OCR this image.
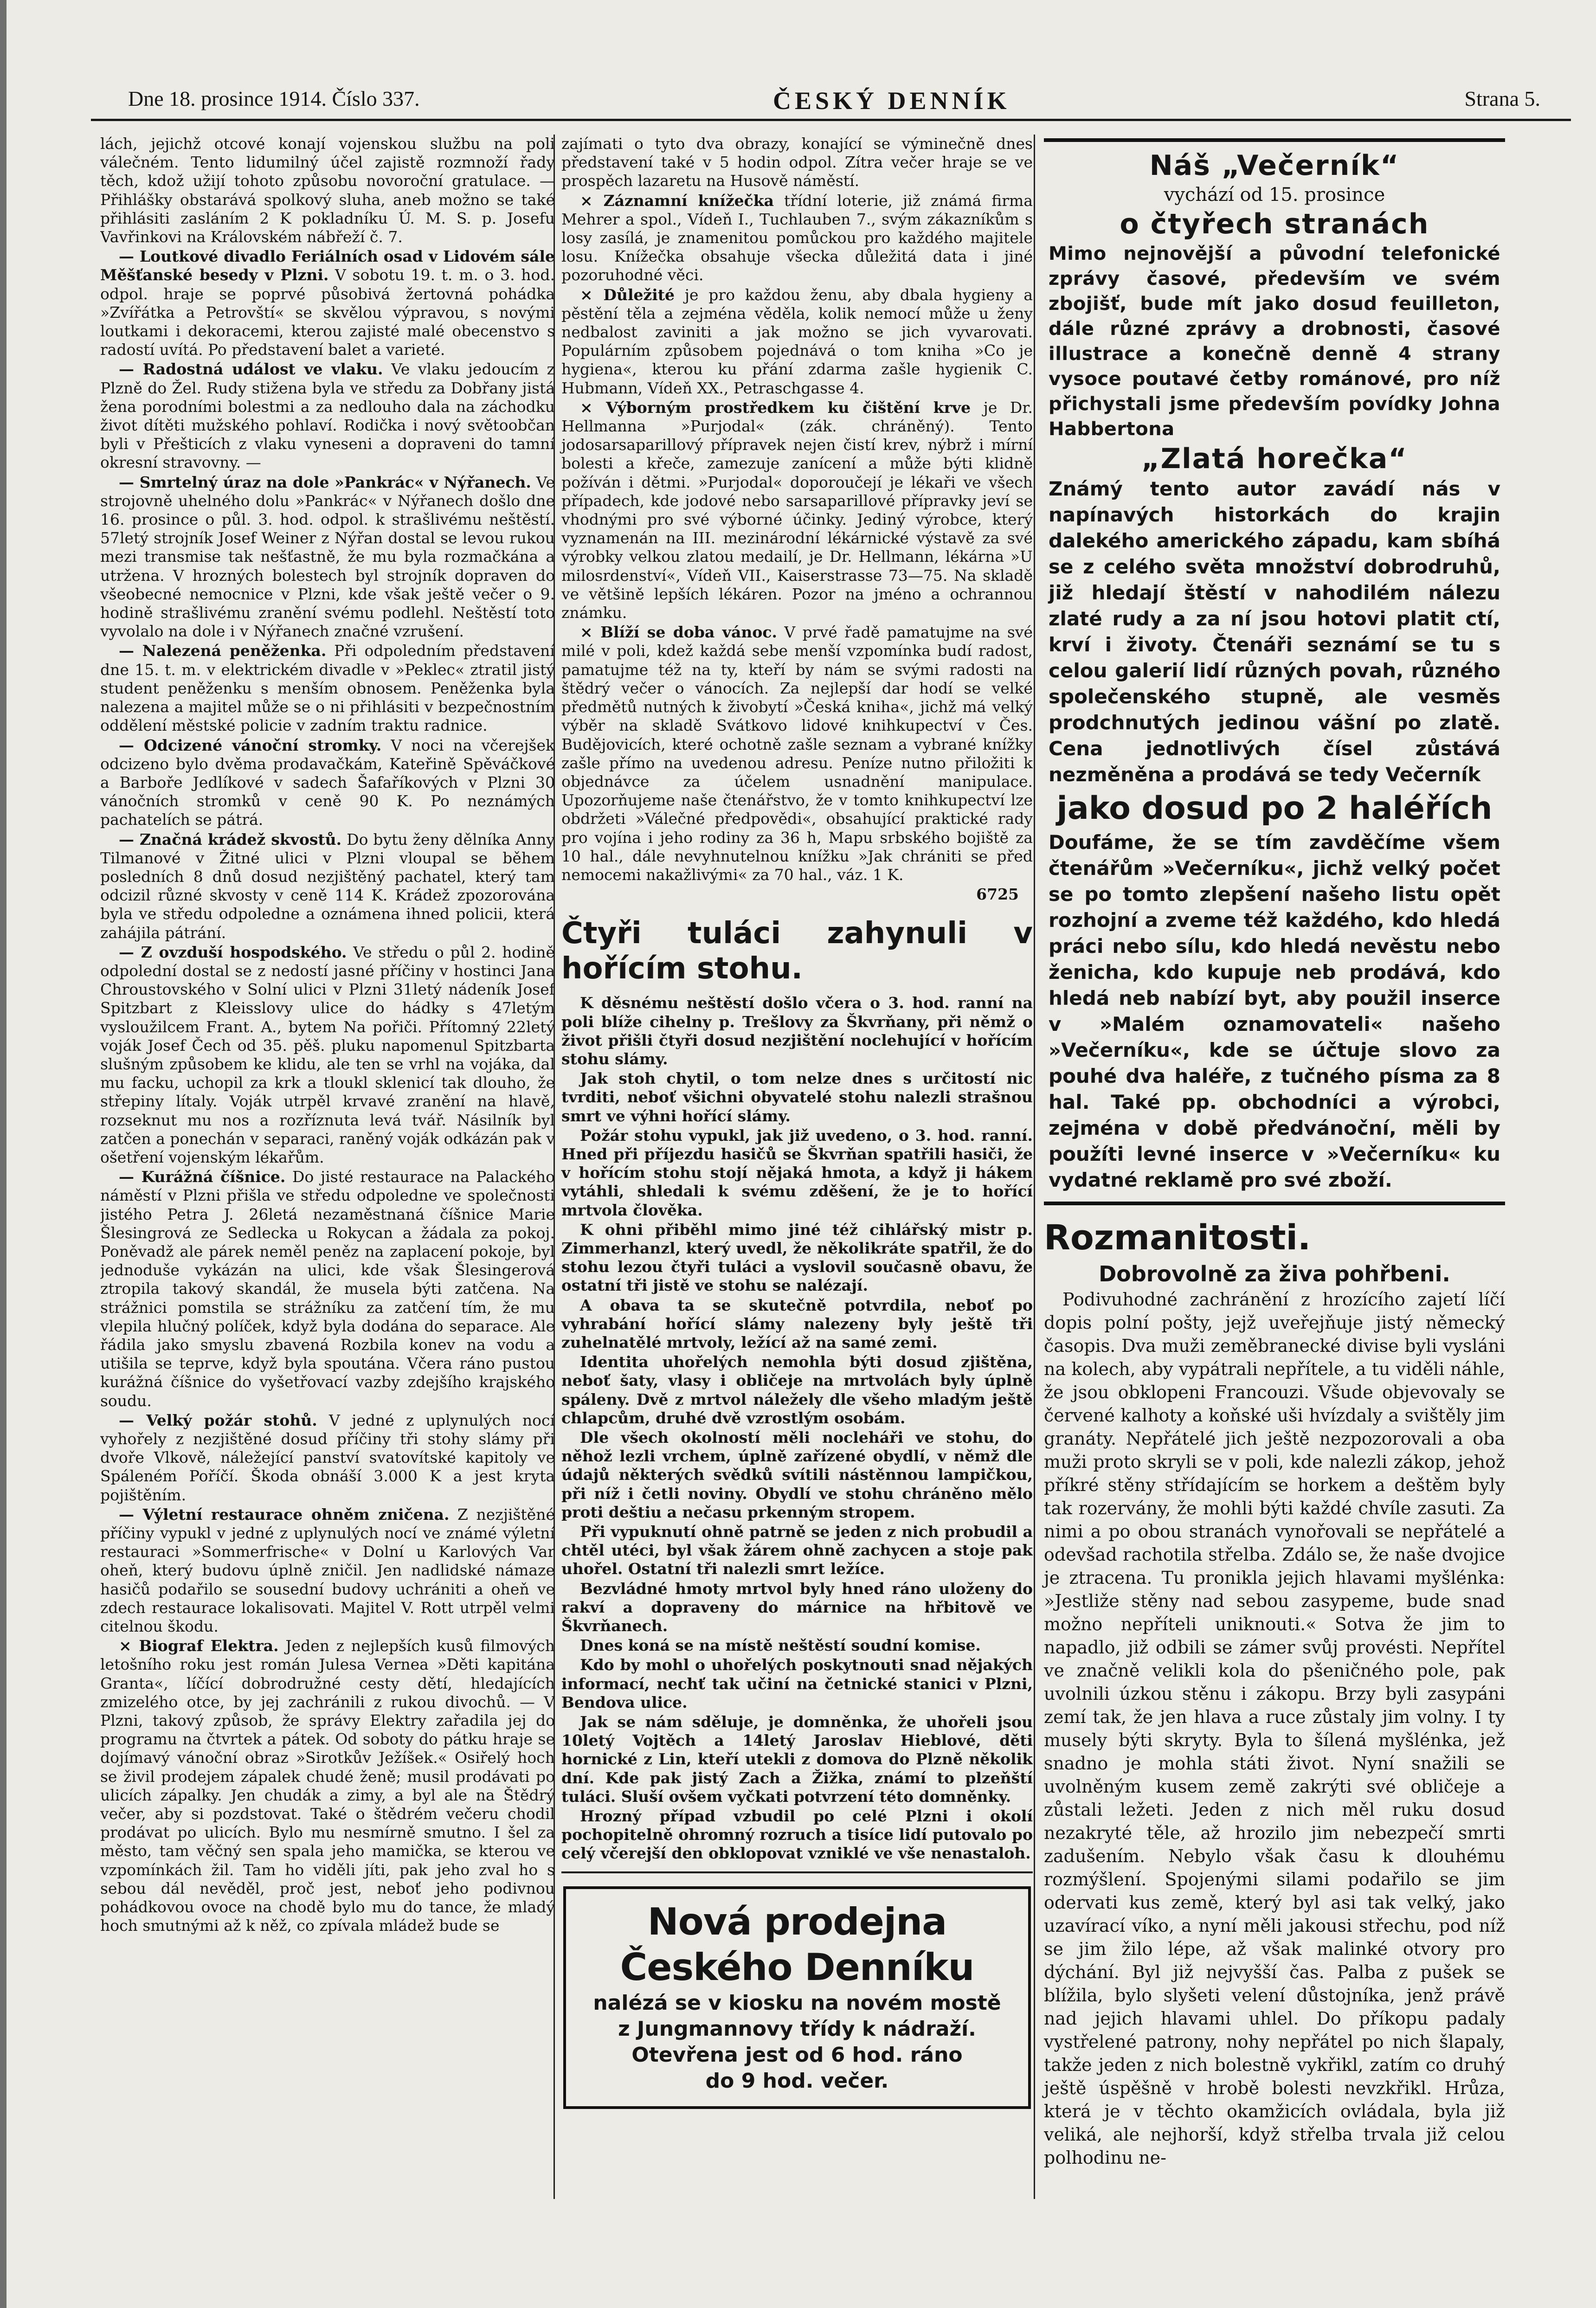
Dne 18. prosince 1914. Číslo 337.	ČESKÝ DENNÍK	Strana 5.

lách, jejichž otcové konají vojenskou službu na poli válečném. Tento lidumilný účel zajistě rozmnoží řady těch, kdož užijí tohoto způsobu novoroční gratulace. — Přihlášky obstarává spolkový sluha, aneb možno se také přihlásiti zasláním 2 K pokladníku Ú. M. S. p. Josefu Vavřinkovi na Královském nábřeží č. 7.

— Loutkové divadlo Feriálních osad v Lidovém sále Měšťanské besedy v Plzni. V sobotu 19. t. m. o 3. hod. odpol. hraje se poprvé působivá žertovná pohádka »Zvířátka a Petrovští« se skvělou výpravou, s novými loutkami i dekoracemi, kterou zajisté malé obecenstvo s radostí uvítá. Po představení balet a varieté.

— Radostná událost ve vlaku. Ve vlaku jedoucím z Plzně do Žel. Rudy stižena byla ve středu za Dobřany jistá žena porodními bolestmi a za nedlouho dala na záchodku život dítěti mužského pohlaví. Rodička i nový světoobčan byli v Přešticích z vlaku vyneseni a dopraveni do tamní okresní stravovny. —

— Smrtelný úraz na dole »Pankrác« v Nýřanech. Ve strojovně uhelného dolu »Pankrác« v Nýřanech došlo dne 16. prosince o půl. 3. hod. odpol. k strašlivému neštěstí. 57letý strojník Josef Weiner z Nýřan dostal se levou rukou mezi transmise tak nešťastně, že mu byla rozmačkána a utržena. V hrozných bolestech byl strojník dopraven do všeobecné nemocnice v Plzni, kde však ještě večer o 9. hodině strašlivému zranění svému podlehl. Neštěstí toto vyvolalo na dole i v Nýřanech značné vzrušení.

— Nalezená peněženka. Při odpoledním představení dne 15. t. m. v elektrickém divadle v »Peklec« ztratil jistý student peněženku s menším obnosem. Peněženka byla nalezena a majitel může se o ni přihlásiti v bezpečnostním oddělení městské policie v zadním traktu radnice.

— Odcizené vánoční stromky. V noci na včerejšek odcizeno bylo dvěma prodavačkám, Kateřině Spěváčkové a Barboře Jedlíkové v sadech Šafaříkových v Plzni 30 vánočních stromků v ceně 90 K. Po neznámých pachatelích se pátrá.

— Značná krádež skvostů. Do bytu ženy dělníka Anny Tilmanové v Žitné ulici v Plzni vloupal se během posledních 8 dnů dosud nezjištěný pachatel, který tam odcizil různé skvosty v ceně 114 K. Krádež zpozorována byla ve středu odpoledne a oznámena ihned policii, která zahájila pátrání.

— Z ovzduší hospodského. Ve středu o půl 2. hodině odpolední dostal se z nedostí jasné příčiny v hostinci Jana Chroustovského v Solní ulici v Plzni 31letý nádeník Josef Spitzbart z Kleisslovy ulice do hádky s 47letým vysloužilcem Frant. A., bytem Na pořiči. Přítomný 22letý voják Josef Čech od 35. pěš. pluku napomenul Spitzbarta slušným způsobem ke klidu, ale ten se vrhl na vojáka, dal mu facku, uchopil za krk a tloukl sklenicí tak dlouho, že střepiny lítaly. Voják utrpěl krvavé zranění na hlavě, rozseknut mu nos a rozříznuta levá tvář. Násilník byl zatčen a ponechán v separaci, raněný voják odkázán pak v ošetření vojenským lékařům.

— Kurážná číšnice. Do jisté restaurace na Palackého náměstí v Plzni přišla ve středu odpoledne ve společnosti jistého Petra J. 26letá nezaměstnaná číšnice Marie Šlesingrová ze Sedlecka u Rokycan a žádala za pokoj. Poněvadž ale párek neměl peněz na zaplacení pokoje, byl jednoduše vykázán na ulici, kde však Šlesingerová ztropila takový skandál, že musela býti zatčena. Na strážnici pomstila se strážníku za zatčení tím, že mu vlepila hlučný políček, když byla dodána do separace. Ale řádila jako smyslu zbavená Rozbila konev na vodu a utišila se teprve, když byla spoutána. Včera ráno pustou kurážná číšnice do vyšetřovací vazby zdejšího krajského soudu.

— Velký požár stohů. V jedné z uplynulých nocí vyhořely z nezjištěné dosud příčiny tři stohy slámy při dvoře Vlkově, náležející panství svatovítské kapitoly ve Spáleném Poříčí. Škoda obnáší 3.000 K a jest kryta pojištěním.

— Výletní restaurace ohněm zničena. Z nezjištěné příčiny vypukl v jedné z uplynulých nocí ve známé výletní restauraci »Sommerfrische« v Dolní u Karlových Var oheň, který budovu úplně zničil. Jen nadlidské námaze hasičů podařilo se sousední budovy uchrániti a oheň ve zdech restaurace lokalisovati. Majitel V. Rott utrpěl velmi citelnou škodu.

× Biograf Elektra. Jeden z nejlepších kusů filmových letošního roku jest román Julesa Vernea »Děti kapitána Granta«, líčící dobrodružné cesty dětí, hledajících zmizelého otce, by jej zachránili z rukou divochů. — V Plzni, takový způsob, že správy Elektry zařadila jej do programu na čtvrtek a pátek. Od soboty do pátku hraje se dojímavý vánoční obraz »Sirotkův Ježíšek.« Osiřelý hoch se živil prodejem zápalek chudé ženě; musil prodávati po ulicích zápalky. Jen chudák a zimy, a byl ale na Štědrý večer, aby si pozdstovat. Také o štědrém večeru chodil prodávat po ulicích. Bylo mu nesmírně smutno. I šel za město, tam věčný sen spala jeho mamička, se kterou ve vzpomínkách žil. Tam ho viděli jíti, pak jeho zval ho s sebou dál nevěděl, proč jest, neboť jeho podivnou pohádkovou ovoce na chodě bylo mu do tance, že mladý hoch smutnými až k něž, co zpívala mládež bude se

zajímati o tyto dva obrazy, konající se výminečně dnes představení také v 5 hodin odpol. Zítra večer hraje se ve prospěch lazaretu na Husově náměstí.

× Záznamní knížečka třídní loterie, již známá firma Mehrer a spol., Vídeň I., Tuchlauben 7., svým zákazníkům s losy zasílá, je znamenitou pomůckou pro každého majitele losu. Knížečka obsahuje všecka důležitá data i jiné pozoruhodné věci.

× Důležité je pro každou ženu, aby dbala hygieny a pěstění těla a zejména věděla, kolik nemocí může u ženy nedbalost zaviniti a jak možno se jich vyvarovati. Populárním způsobem pojednává o tom kniha »Co je hygiena«, kterou ku přání zdarma zašle hygienik C. Hubmann, Vídeň XX., Petraschgasse 4.

× Výborným prostředkem ku čištění krve je Dr. Hellmanna »Purjodal« (zák. chráněný). Tento jodosarsaparillový přípravek nejen čistí krev, nýbrž i mírní bolesti a křeče, zamezuje zanícení a může býti klidně požíván i dětmi. »Purjodal« doporoučejí je lékaři ve všech případech, kde jodové nebo sarsaparillové přípravky jeví se vhodnými pro své výborné účinky. Jediný výrobce, který vyznamenán na III. mezinárodní lékárnické výstavě za své výrobky velkou zlatou medailí, je Dr. Hellmann, lékárna »U milosrdenství«, Vídeň VII., Kaiserstrasse 73—75. Na skladě ve většině lepších lékáren. Pozor na jméno a ochrannou známku.

× Blíží se doba vánoc. V prvé řadě pamatujme na své milé v poli, kdež každá sebe menší vzpomínka budí radost, pamatujme též na ty, kteří by nám se svými radosti na štědrý večer o vánocích. Za nejlepší dar hodí se velké předmětů nutných k živobytí »Česká kniha«, jichž má velký výběr na skladě Svátkovo lidové knihkupectví v Čes. Budějovicích, které ochotně zašle seznam a vybrané knížky zašle přímo na uvedenou adresu. Peníze nutno přiložiti k objednávce za účelem usnadnění manipulace. Upozorňujeme naše čtenářstvo, že v tomto knihkupectví lze obdržeti »Válečné předpovědi«, obsahující praktické rady pro vojína i jeho rodiny za 36 h, Mapu srbského bojiště za 10 hal., dále nevyhnutelnou knížku »Jak chrániti se před nemocemi nakažlivými« za 70 hal., váz. 1 K.

6725

Čtyři tuláci zahynuli v hořícím stohu.

K děsnému neštěstí došlo včera o 3. hod. ranní na poli blíže cihelny p. Trešlovy za Škvrňany, při němž o život přišli čtyři dosud nezjištění noclehující v hořícím stohu slámy.

Jak stoh chytil, o tom nelze dnes s určitostí nic tvrditi, neboť všichni obyvatelé stohu nalezli strašnou smrt ve výhni hořící slámy.

Požár stohu vypukl, jak již uvedeno, o 3. hod. ranní. Hned při příjezdu hasičů se Škvrňan spatřili hasiči, že v hořícím stohu stojí nějaká hmota, a když ji hákem vytáhli, shledali k svému zděšení, že je to hořící mrtvola člověka.

K ohni přiběhl mimo jiné též cihlářský mistr p. Zimmerhanzl, který uvedl, že několikráte spatřil, že do stohu lezou čtyři tuláci a vyslovil současně obavu, že ostatní tři jistě ve stohu se nalézají.

A obava ta se skutečně potvrdila, neboť po vyhrabání hořící slámy nalezeny byly ještě tři zuhelnatělé mrtvoly, ležící až na samé zemi.

Identita uhořelých nemohla býti dosud zjištěna, neboť šaty, vlasy i obličeje na mrtvolách byly úplně spáleny. Dvě z mrtvol náležely dle všeho mladým ještě chlapcům, druhé dvě vzrostlým osobám.

Dle všech okolností měli nocleháři ve stohu, do něhož lezli vrchem, úplně zařízené obydlí, v němž dle údajů některých svědků svítili nástěnnou lampičkou, při níž i četli noviny. Obydlí ve stohu chráněno mělo proti deštiu a nečasu prkenným stropem.

Při vypuknutí ohně patrně se jeden z nich probudil a chtěl utéci, byl však žárem ohně zachycen a stoje pak uhořel. Ostatní tři nalezli smrt ležíce.

Bezvládné hmoty mrtvol byly hned ráno uloženy do rakví a dopraveny do márnice na hřbitově ve Škvrňanech.

Dnes koná se na místě neštěstí soudní komise.

Kdo by mohl o uhořelých poskytnouti snad nějakých informací, nechť tak učiní na četnické stanici v Plzni, Bendova ulice.

Jak se nám sděluje, je domněnka, že uhořeli jsou 10letý Vojtěch a 14letý Jaroslav Hieblové, děti hornické z Lin, kteří utekli z domova do Plzně několik dní. Kde pak jistý Zach a Žižka, známí to plzeňští tuláci. Sluší ovšem vyčkati potvrzení této domněnky.

Hrozný případ vzbudil po celé Plzni i okolí pochopitelně ohromný rozruch a tisíce lidí putovalo po celý včerejší den obklopovat vzniklé ve vše nenastaloh.

Nová prodejna Českého Denníku
nalézá se v kiosku na novém mostě
z Jungmannovy třídy k nádraží.
Otevřena jest od 6 hod. ráno
do 9 hod. večer.
Náš „Večerník“
vychází od 15. prosince
o čtyřech stranách
Mimo nejnovější a původní telefonické zprávy časové, především ve svém zbojišť, bude mít jako dosud feuilleton, dále různé zprávy a drobnosti, časové illustrace a konečně denně 4 strany vysoce poutavé četby románové, pro níž přichystali jsme především povídky Johna Habbertona
„Zlatá horečka“
Známý tento autor zavádí nás v napínavých historkách do krajin dalekého amerického západu, kam sbíhá se z celého světa množství dobrodruhů, již hledají štěstí v nahodilém nálezu zlaté rudy a za ní jsou hotovi platit ctí, krví i životy. Čtenáři seznámí se tu s celou galerií lidí různých povah, různého společenského stupně, ale vesměs prodchnutých jedinou vášní po zlatě. Cena jednotlivých čísel zůstává nezměněna a prodává se tedy Večerník
jako dosud po 2 haléřích
Doufáme, že se tím zavděčíme všem čtenářům »Večerníku«, jichž velký počet se po tomto zlepšení našeho listu opět rozhojní a zveme též každého, kdo hledá práci nebo sílu, kdo hledá nevěstu nebo ženicha, kdo kupuje neb prodává, kdo hledá neb nabízí byt, aby použil inserce v »Malém oznamovateli« našeho »Večerníku«, kde se účtuje slovo za pouhé dva haléře, z tučného písma za 8 hal. Také pp. obchodníci a výrobci, zejména v době předvánoční, měli by použíti levné inserce v »Večerníku« ku vydatné reklamě pro své zboží.
Rozmanitosti.
Dobrovolně za živa pohřbeni.

Podivuhodné zachránění z hrozícího zajetí líčí dopis polní pošty, jejž uveřejňuje jistý německý časopis. Dva muži zeměbranecké divise byli vysláni na kolech, aby vypátrali nepřítele, a tu viděli náhle, že jsou obklopeni Francouzi. Všude objevovaly se červené kalhoty a koňské uši hvízdaly a svištěly jim granáty. Nepřátelé jich ještě nezpozorovali a oba muži proto skryli se v poli, kde nalezli zákop, jehož příkré stěny střídajícím se horkem a deštěm byly tak rozervány, že mohli býti každé chvíle zasuti. Za nimi a po obou stranách vynořovali se nepřátelé a odevšad rachotila střelba. Zdálo se, že naše dvojice je ztracena. Tu pronikla jejich hlavami myšlénka: »Jestliže stěny nad sebou zasypeme, bude snad možno nepříteli uniknouti.« Sotva že jim to napadlo, již odbili se zámer svůj provésti. Nepřítel ve značně velikli kola do pšeničného pole, pak uvolnili úzkou stěnu i zákopu. Brzy byli zasypáni zemí tak, že jen hlava a ruce zůstaly jim volny. I ty musely býti skryty. Byla to šílená myšlénka, jež snadno je mohla státi život. Nyní snažili se uvolněným kusem země zakrýti své obličeje a zůstali ležeti. Jeden z nich měl ruku dosud nezakryté těle, až hrozilo jim nebezpečí smrti zadušením. Nebylo však času k dlouhému rozmýšlení. Spojenými silami podařilo se jim odervati kus země, který byl asi tak velký, jako uzavírací víko, a nyní měli jakousi střechu, pod níž se jim žilo lépe, až však malinké otvory pro dýchání. Byl již nejvyšší čas. Palba z pušek se blížila, bylo slyšeti velení důstojníka, jenž právě nad jejich hlavami uhlel. Do příkopu padaly vystřelené patrony, nohy nepřátel po nich šlapaly, takže jeden z nich bolestně vykřikl, zatím co druhý ještě úspěšně v hrobě bolesti nevzkřikl. Hrůza, která je v těchto okamžicích ovládala, byla již veliká, ale nejhorší, když střelba trvala již celou polhodinu ne-
